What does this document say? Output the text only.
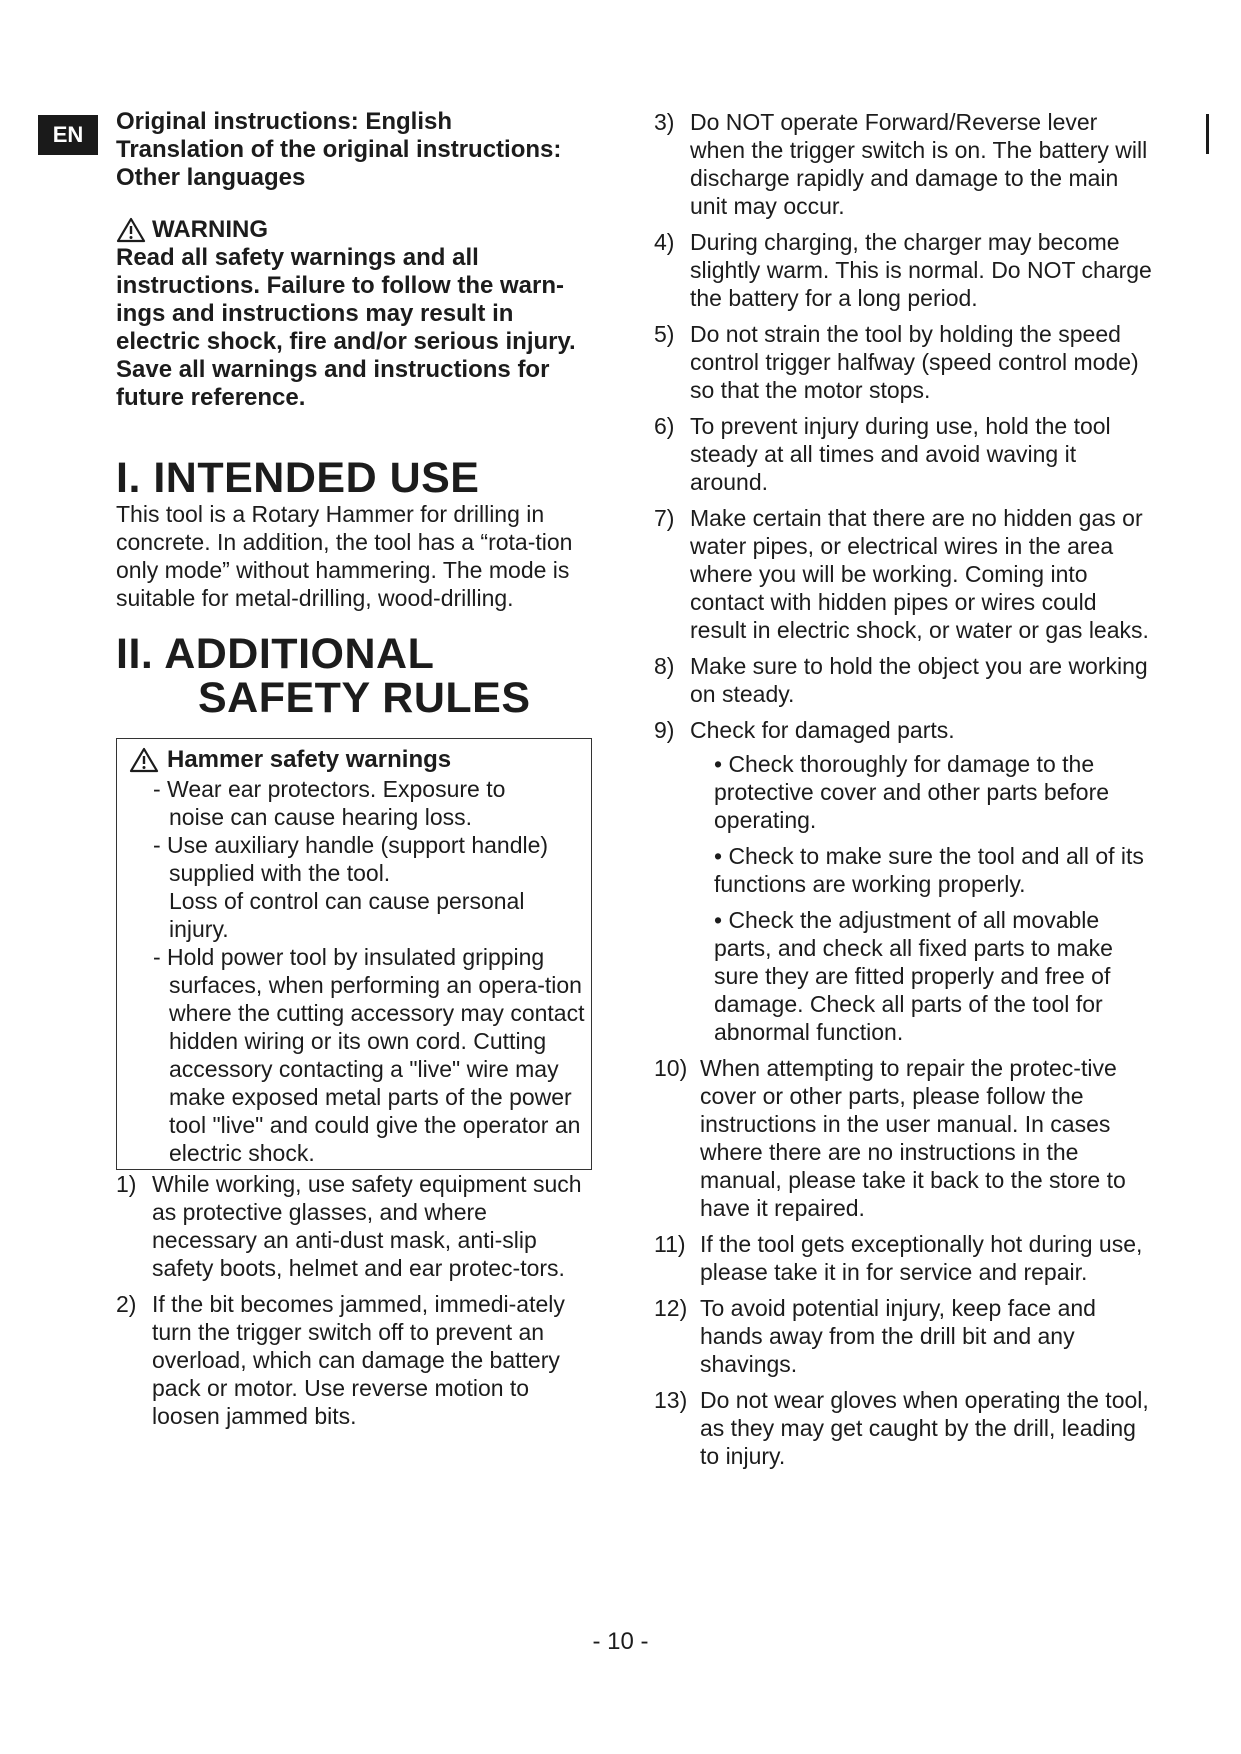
EN	Original instructions: English

Translation of the original instructions:

Other languages

WARNING

Read all safety warnings and all instructions. Failure to follow the warn-ings and instructions may result in electric shock, fire and/or serious injury.

Save all warnings and instructions for future reference.

I. INTENDED USE

This tool is a Rotary Hammer for drilling in concrete. In addition, the tool has a “rota-tion only mode” without hammering. The mode is suitable for metal-drilling, wood-drilling.

II. ADDITIONAL
SAFETY RULES
Hammer safety warnings

- Wear ear protectors. Exposure to
noise can cause hearing loss.

- Use auxiliary handle (support handle)
supplied with the tool.
Loss of control can cause personal injury.

- Hold power tool by insulated gripping
surfaces, when performing an opera-tion where the cutting accessory may contact hidden wiring or its own cord. Cutting accessory contacting a "live" wire may make exposed metal parts of the power tool "live" and could give the operator an electric shock.

1) While working, use safety equipment such as protective glasses, and where necessary an anti-dust mask, anti-slip safety boots, helmet and ear protec-tors.
2) If the bit becomes jammed, immedi-ately turn the trigger switch off to prevent an overload, which can damage the battery pack or motor. Use reverse motion to loosen jammed bits.
3) Do NOT operate Forward/Reverse lever when the trigger switch is on. The battery will discharge rapidly and damage to the main unit may occur.
4) During charging, the charger may become slightly warm. This is normal. Do NOT charge the battery for a long period.
5) Do not strain the tool by holding the speed control trigger halfway (speed control mode) so that the motor stops.
6) To prevent injury during use, hold the tool steady at all times and avoid waving it around.
7) Make certain that there are no hidden gas or water pipes, or electrical wires in the area where you will be working. Coming into contact with hidden pipes or wires could result in electric shock, or water or gas leaks.
8) Make sure to hold the object you are working on steady.
9) Check for damaged parts.
• Check thoroughly for damage to the protective cover and other parts before operating.
• Check to make sure the tool and all of its functions are working properly.
• Check the adjustment of all movable parts, and check all fixed parts to make sure they are fitted properly and free of damage. Check all parts of the tool for abnormal function.
10) When attempting to repair the protec-tive cover or other parts, please follow the instructions in the user manual. In cases where there are no instructions in the manual, please take it back to the store to have it repaired.
11) If the tool gets exceptionally hot during use, please take it in for service and repair.
12) To avoid potential injury, keep face and hands away from the drill bit and any shavings.
13) Do not wear gloves when operating the tool, as they may get caught by the drill, leading to injury.
- 10 -
